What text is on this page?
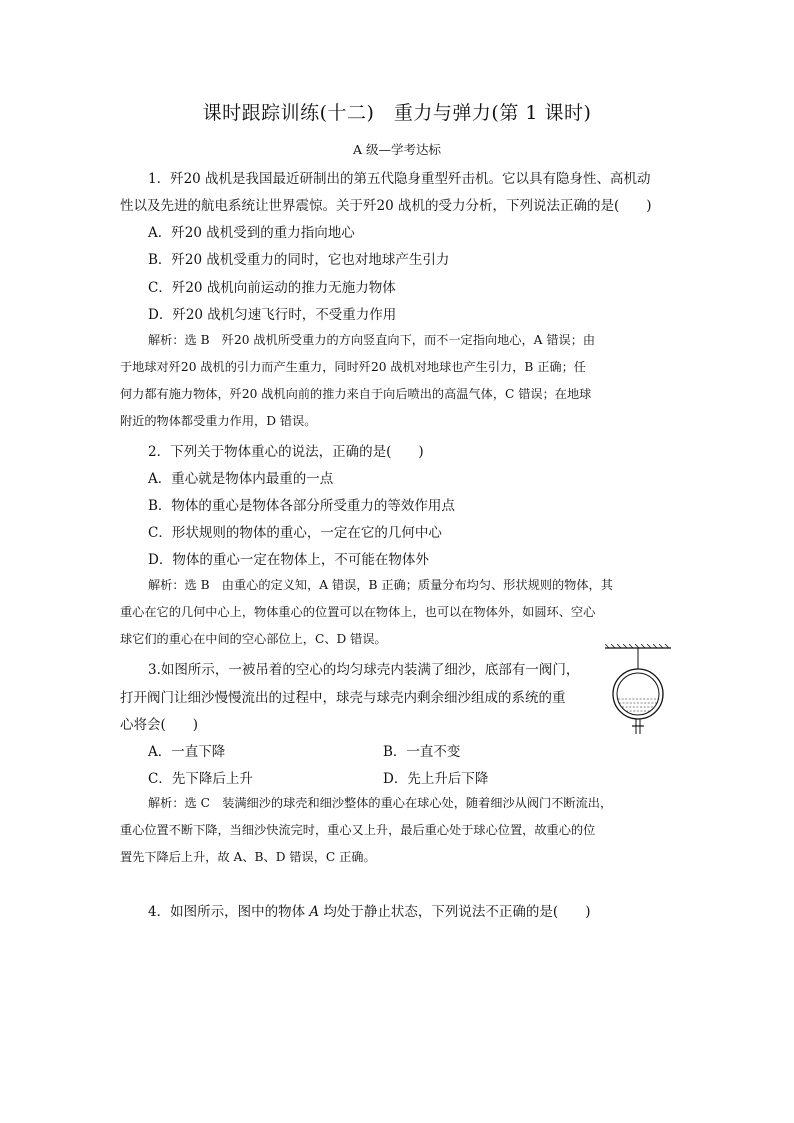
课时跟踪训练(十二)　重力与弹力(第 1 课时)
A 级—学考达标
1．歼20 战机是我国最近研制出的第五代隐身重型歼击机。它以具有隐身性、高机动
性以及先进的航电系统让世界震惊。关于歼20 战机的受力分析，下列说法正确的是(　　)
A．歼20 战机受到的重力指向地心
B．歼20 战机受重力的同时，它也对地球产生引力
C．歼20 战机向前运动的推力无施力物体
D．歼20 战机匀速飞行时，不受重力作用
解析：选 B　歼20 战机所受重力的方向竖直向下，而不一定指向地心，A 错误；由
于地球对歼20 战机的引力而产生重力，同时歼20 战机对地球也产生引力，B 正确；任
何力都有施力物体，歼20 战机向前的推力来自于向后喷出的高温气体，C 错误；在地球
附近的物体都受重力作用，D 错误。
2．下列关于物体重心的说法，正确的是(　　)
A．重心就是物体内最重的一点
B．物体的重心是物体各部分所受重力的等效作用点
C．形状规则的物体的重心，一定在它的几何中心
D．物体的重心一定在物体上，不可能在物体外
解析：选 B　由重心的定义知，A 错误，B 正确；质量分布均匀、形状规则的物体，其
重心在它的几何中心上，物体重心的位置可以在物体上，也可以在物体外，如圆环、空心
球它们的重心在中间的空心部位上，C、D 错误。
3.如图所示，一被吊着的空心的均匀球壳内装满了细沙，底部有一阀门，
打开阀门让细沙慢慢流出的过程中，球壳与球壳内剩余细沙组成的系统的重
心将会(　　)
A．一直下降	B．一直不变
C．先下降后上升	D．先上升后下降
解析：选 C　装满细沙的球壳和细沙整体的重心在球心处，随着细沙从阀门不断流出，
重心位置不断下降，当细沙快流完时，重心又上升，最后重心处于球心位置，故重心的位
置先下降后上升，故 A、B、D 错误，C 正确。
4．如图所示，图中的物体 A 均处于静止状态，下列说法不正确的是(　　)
